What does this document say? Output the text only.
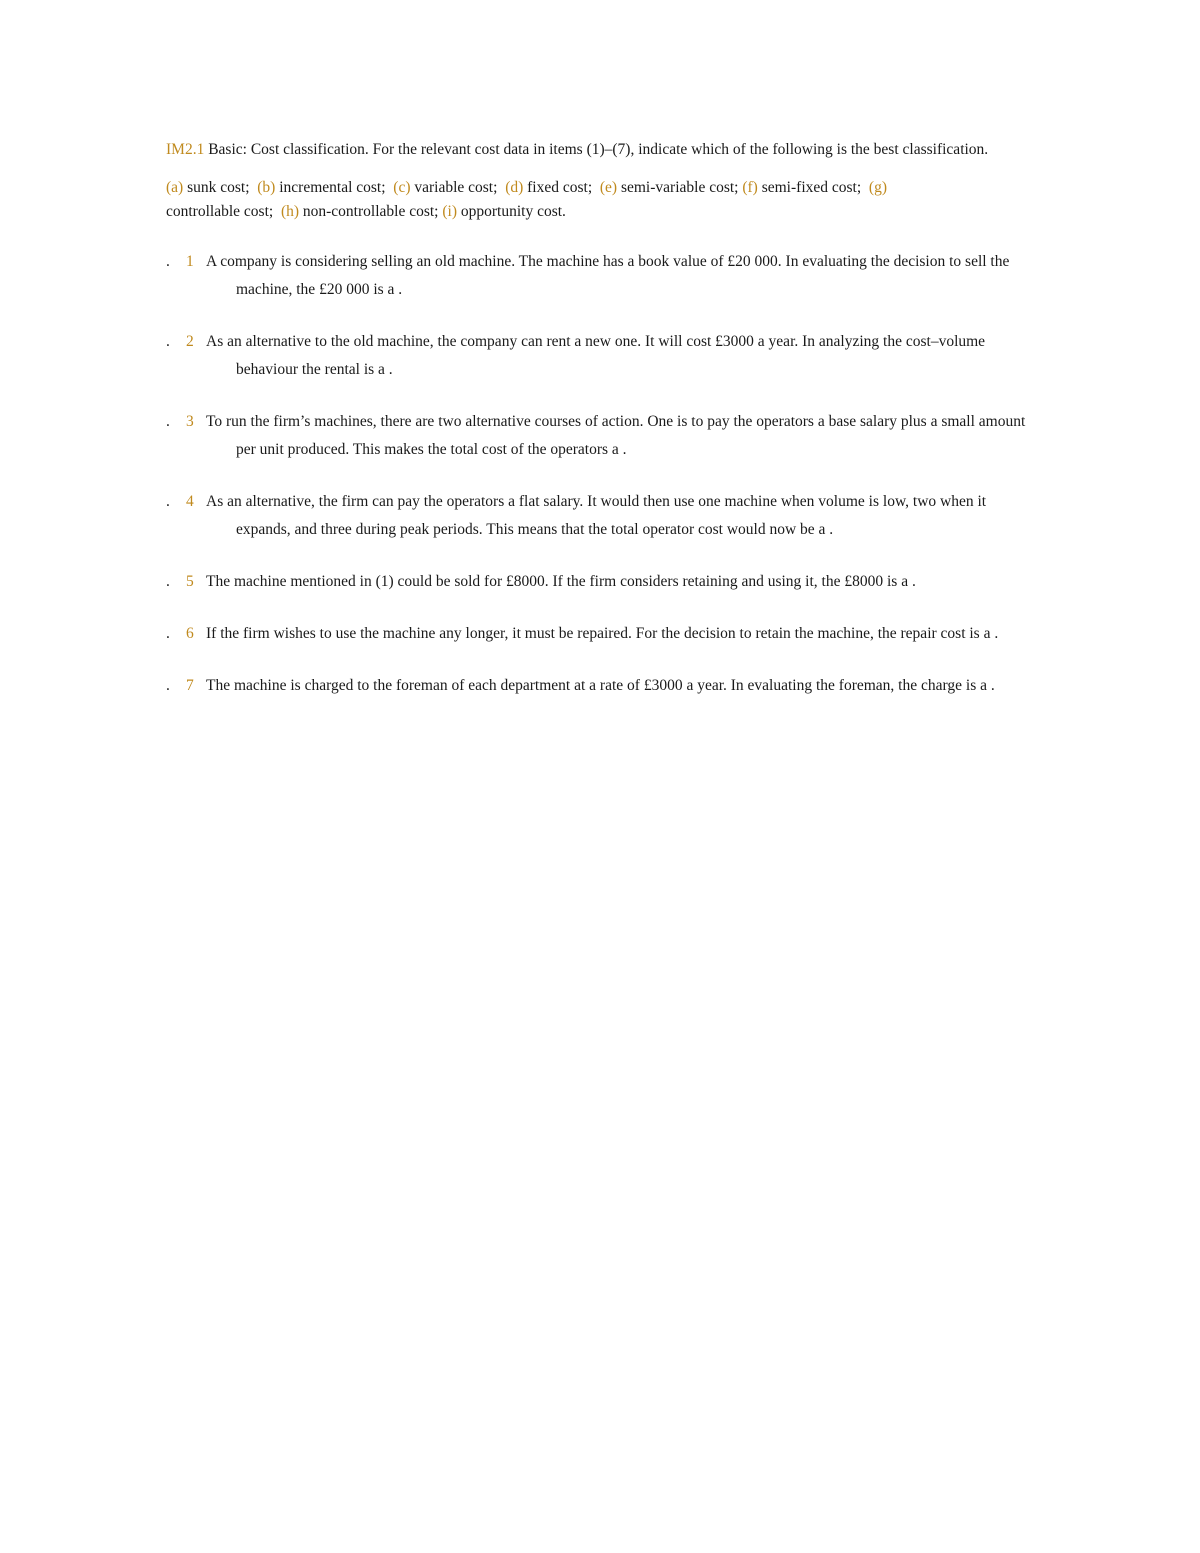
IM2.1 Basic: Cost classification. For the relevant cost data in items (1)–(7), indicate which of the following is the best classification.

(a) sunk cost; (b) incremental cost; (c) variable cost; (d) fixed cost; (e) semi-variable cost; (f) semi-fixed cost; (g)
controllable cost; (h) non-controllable cost; (i) opportunity cost.

. 1 A company is considering selling an old machine. The machine has a book value of £20 000. In evaluating the decision to sell the machine, the £20 000 is a .
. 2 As an alternative to the old machine, the company can rent a new one. It will cost £3000 a year. In analyzing the cost–volume behaviour the rental is a .
. 3 To run the firm’s machines, there are two alternative courses of action. One is to pay the operators a base salary plus a small amount per unit produced. This makes the total cost of the operators a .
. 4 As an alternative, the firm can pay the operators a flat salary. It would then use one machine when volume is low, two when it expands, and three during peak periods. This means that the total operator cost would now be a .
. 5 The machine mentioned in (1) could be sold for £8000. If the firm considers retaining and using it, the £8000 is a .
. 6 If the firm wishes to use the machine any longer, it must be repaired. For the decision to retain the machine, the repair cost is a .
. 7 The machine is charged to the foreman of each department at a rate of £3000 a year. In evaluating the foreman, the charge is a .
